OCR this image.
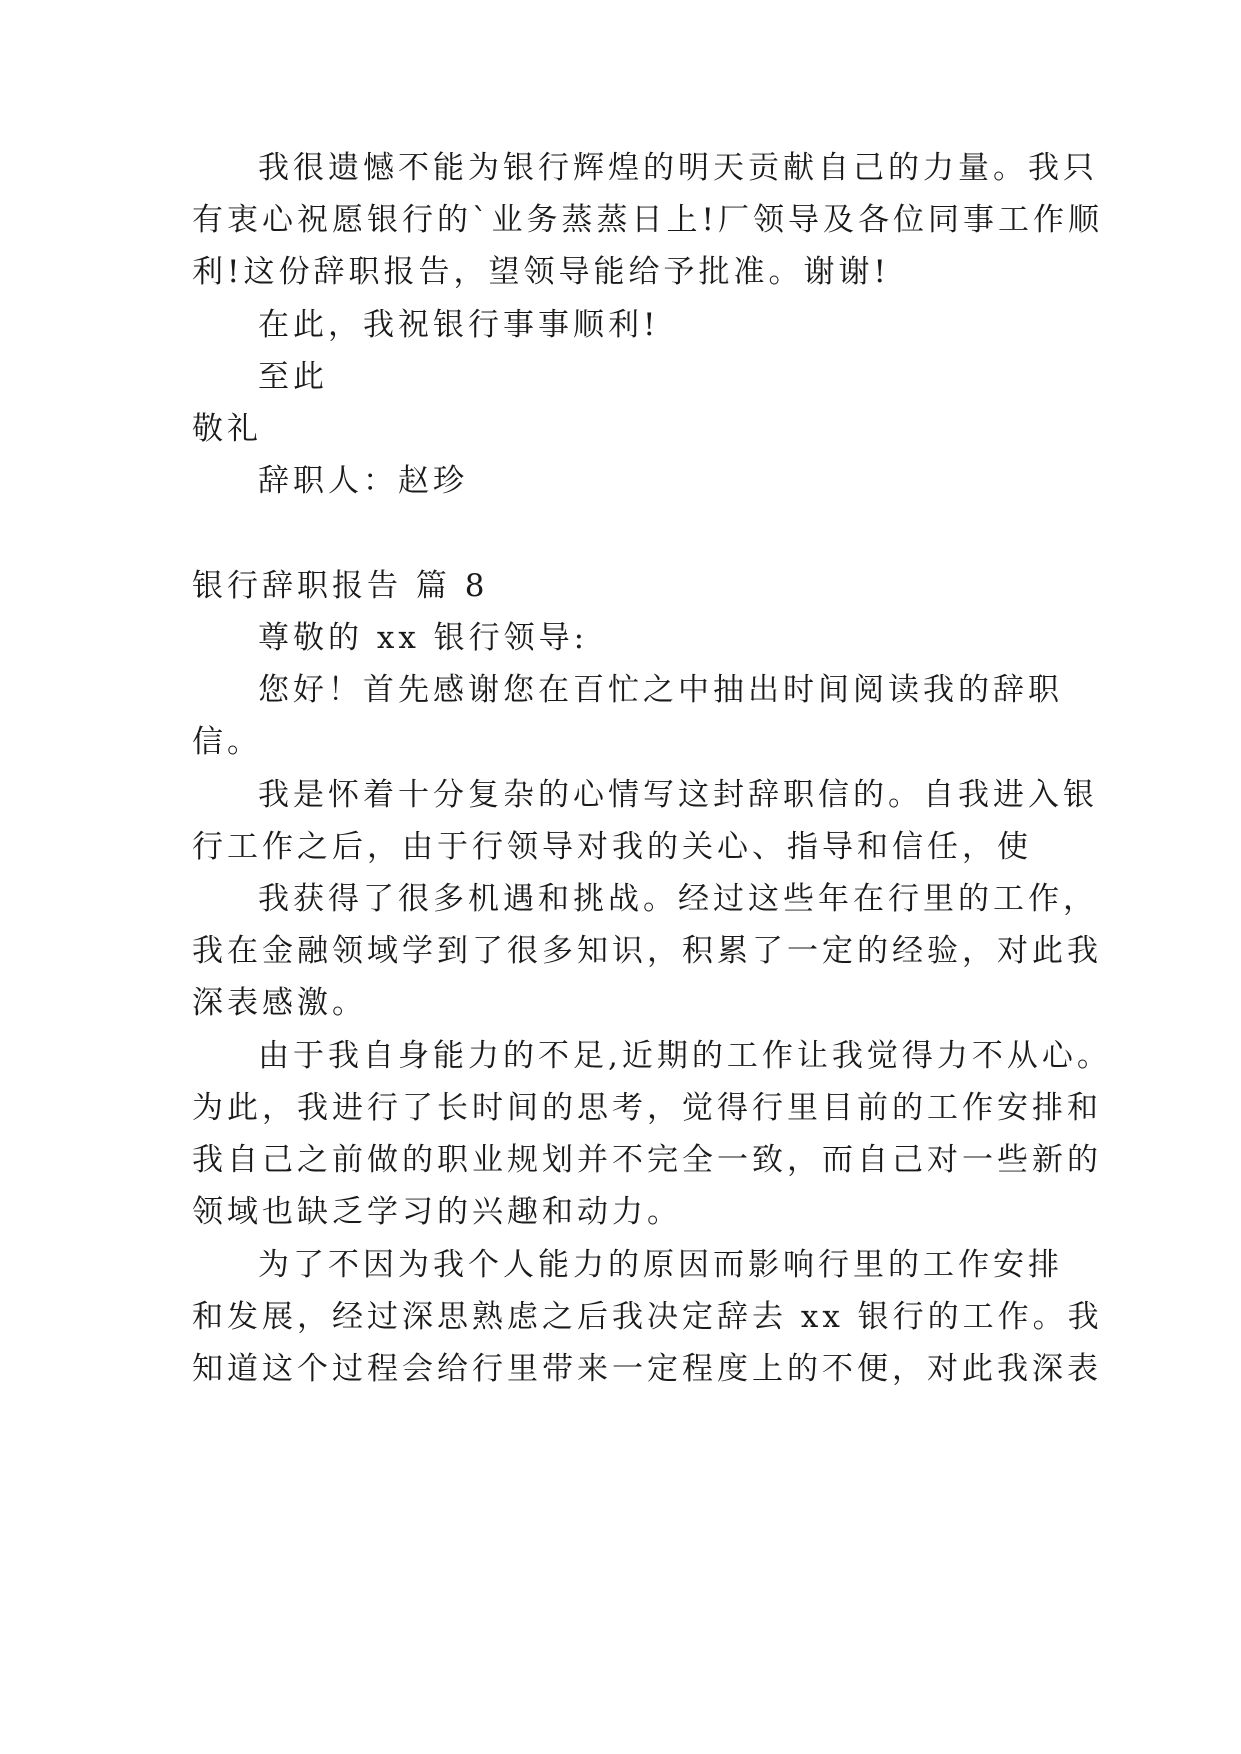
我很遗憾不能为银行辉煌的明天贡献自己的力量。我只
有衷心祝愿银行的`业务蒸蒸日上!厂领导及各位同事工作顺
利!这份辞职报告，望领导能给予批准。谢谢!
在此，我祝银行事事顺利!
至此
敬礼
辞职人：赵珍
银行辞职报告 篇 8
尊敬的 xx 银行领导:
您好！首先感谢您在百忙之中抽出时间阅读我的辞职
信。
我是怀着十分复杂的心情写这封辞职信的。自我进入银
行工作之后，由于行领导对我的关心、指导和信任，使
我获得了很多机遇和挑战。经过这些年在行里的工作，
我在金融领域学到了很多知识，积累了一定的经验，对此我
深表感激。
由于我自身能力的不足,近期的工作让我觉得力不从心。
为此，我进行了长时间的思考，觉得行里目前的工作安排和
我自己之前做的职业规划并不完全一致，而自己对一些新的
领域也缺乏学习的兴趣和动力。
为了不因为我个人能力的原因而影响行里的工作安排
和发展，经过深思熟虑之后我决定辞去 xx 银行的工作。我
知道这个过程会给行里带来一定程度上的不便，对此我深表
